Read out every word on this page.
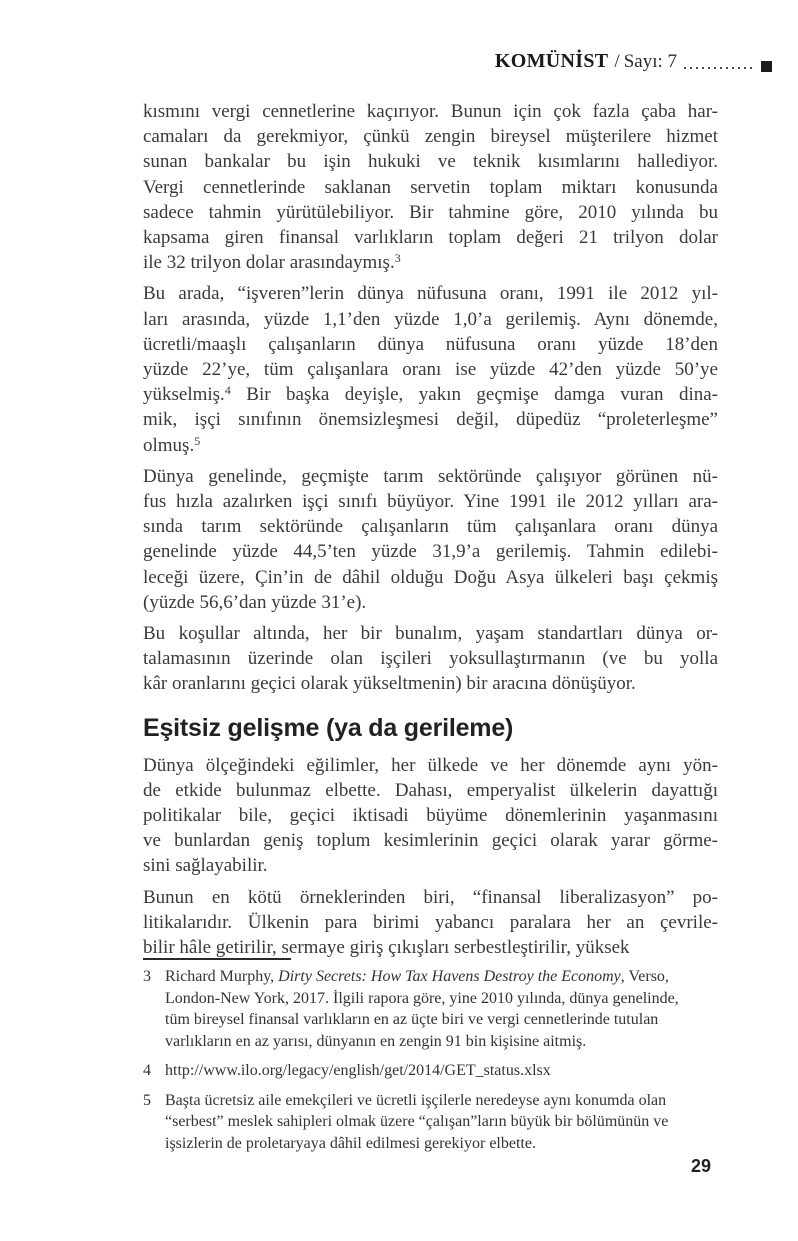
KOMÜNİST / Sayı: 7
kısmını vergi cennetlerine kaçırıyor. Bunun için çok fazla çaba har-
camaları da gerekmiyor, çünkü zengin bireysel müşterilere hizmet
sunan bankalar bu işin hukuki ve teknik kısımlarını hallediyor.
Vergi cennetlerinde saklanan servetin toplam miktarı konusunda
sadece tahmin yürütülebiliyor. Bir tahmine göre, 2010 yılında bu
kapsama giren finansal varlıkların toplam değeri 21 trilyon dolar
ile 32 trilyon dolar arasındaymış.$^3$
Bu arada, “işveren”lerin dünya nüfusuna oranı, 1991 ile 2012 yıl-
ları arasında, yüzde 1,1’den yüzde 1,0’a gerilemiş. Aynı dönemde,
ücretli/maaşlı çalışanların dünya nüfusuna oranı yüzde 18’den
yüzde 22’ye, tüm çalışanlara oranı ise yüzde 42’den yüzde 50’ye
yükselmiş.$^4$ Bir başka deyişle, yakın geçmişe damga vuran dina-
mik, işçi sınıfının önemsizleşmesi değil, düpedüz “proleterleşme”
olmuş.$^5$
Dünya genelinde, geçmişte tarım sektöründe çalışıyor görünen nü-
fus hızla azalırken işçi sınıfı büyüyor. Yine 1991 ile 2012 yılları ara-
sında tarım sektöründe çalışanların tüm çalışanlara oranı dünya
genelinde yüzde 44,5’ten yüzde 31,9’a gerilemiş. Tahmin edilebi-
leceği üzere, Çin’in de dâhil olduğu Doğu Asya ülkeleri başı çekmiş
(yüzde 56,6’dan yüzde 31’e).
Bu koşullar altında, her bir bunalım, yaşam standartları dünya or-
talamasının üzerinde olan işçileri yoksullaştırmanın (ve bu yolla
kâr oranlarını geçici olarak yükseltmenin) bir aracına dönüşüyor.
Eşitsiz gelişme (ya da gerileme)
Dünya ölçeğindeki eğilimler, her ülkede ve her dönemde aynı yön-
de etkide bulunmaz elbette. Dahası, emperyalist ülkelerin dayattığı
politikalar bile, geçici iktisadi büyüme dönemlerinin yaşanmasını
ve bunlardan geniş toplum kesimlerinin geçici olarak yarar görme-
sini sağlayabilir.
Bunun en kötü örneklerinden biri, “finansal liberalizasyon” po-
litikalarıdır. Ülkenin para birimi yabancı paralara her an çevrile-
bilir hâle getirilir, sermaye giriş çıkışları serbestleştirilir, yüksek
3 Richard Murphy, Dirty Secrets: How Tax Havens Destroy the Economy, Verso,
London-New York, 2017. İlgili rapora göre, yine 2010 yılında, dünya genelinde,
tüm bireysel finansal varlıkların en az üçte biri ve vergi cennetlerinde tutulan
varlıkların en az yarısı, dünyanın en zengin 91 bin kişisine aitmiş.
4 http://www.ilo.org/legacy/english/get/2014/GET_status.xlsx
5 Başta ücretsiz aile emekçileri ve ücretli işçilerle neredeyse aynı konumda olan
“serbest” meslek sahipleri olmak üzere “çalışan”ların büyük bir bölümünün ve
işsizlerin de proletaryaya dâhil edilmesi gerekiyor elbette.
29
